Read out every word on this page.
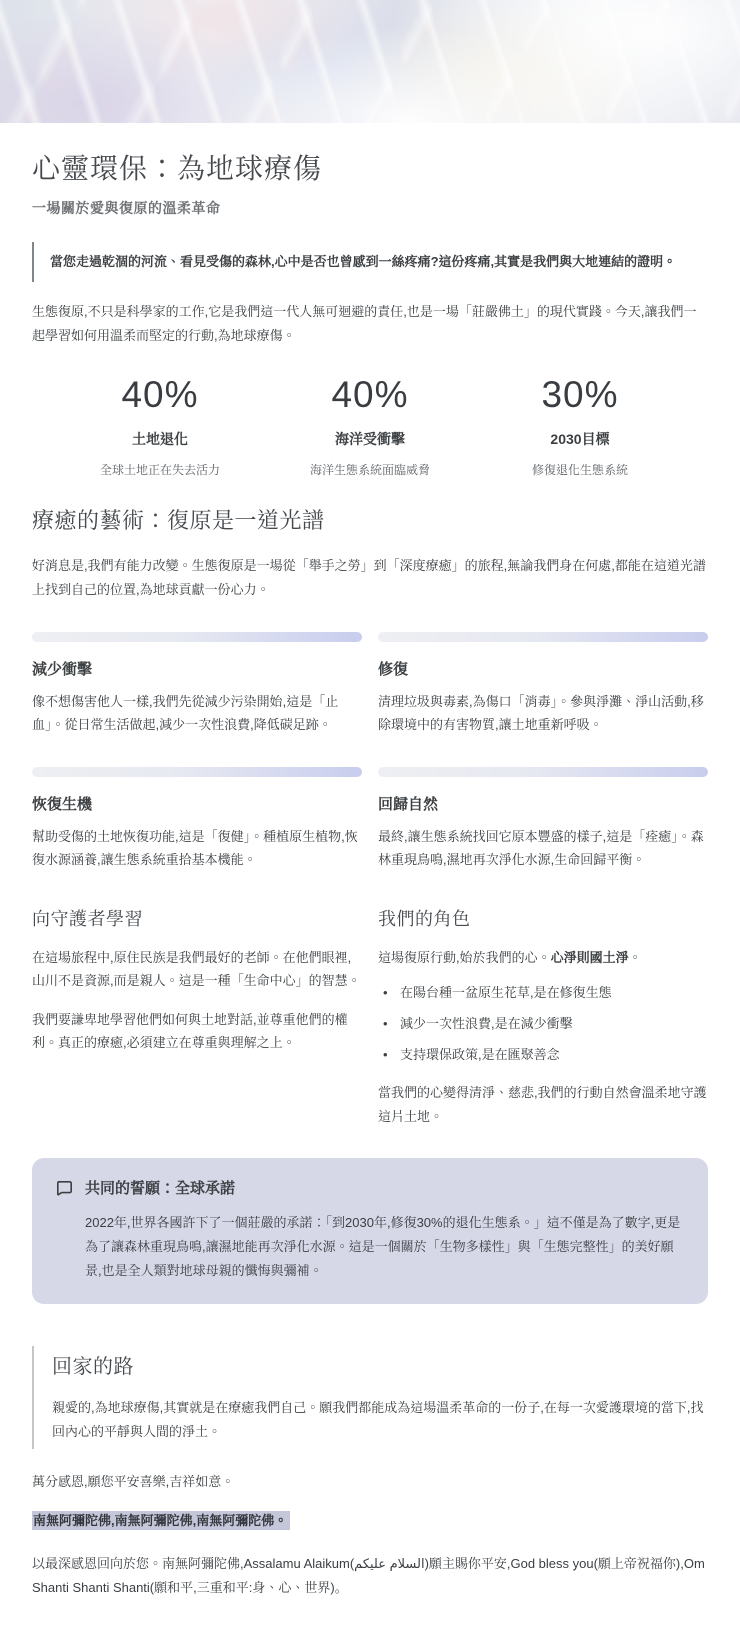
心靈環保：為地球療傷
一場關於愛與復原的溫柔革命
當您走過乾涸的河流、看見受傷的森林,心中是否也曾感到一絲疼痛?這份疼痛,其實是我們與大地連結的證明。

生態復原,不只是科學家的工作,它是我們這一代人無可迴避的責任,也是一場「莊嚴佛土」的現代實踐。今天,讓我們一起學習如何用溫柔而堅定的行動,為地球療傷。

40%
土地退化
全球土地正在失去活力
40%
海洋受衝擊
海洋生態系統面臨威脅
30%
2030目標
修復退化生態系統
療癒的藝術：復原是一道光譜

好消息是,我們有能力改變。生態復原是一場從「舉手之勞」到「深度療癒」的旅程,無論我們身在何處,都能在這道光譜上找到自己的位置,為地球貢獻一份心力。

減少衝擊
像不想傷害他人一樣,我們先從減少污染開始,這是「止血」。從日常生活做起,減少一次性浪費,降低碳足跡。
修復
清理垃圾與毒素,為傷口「消毒」。參與淨灘、淨山活動,移除環境中的有害物質,讓土地重新呼吸。
恢復生機
幫助受傷的土地恢復功能,這是「復健」。種植原生植物,恢復水源涵養,讓生態系統重拾基本機能。
回歸自然
最終,讓生態系統找回它原本豐盛的樣子,這是「痊癒」。森林重現鳥鳴,濕地再次淨化水源,生命回歸平衡。
向守護者學習

在這場旅程中,原住民族是我們最好的老師。在他們眼裡,山川不是資源,而是親人。這是一種「生命中心」的智慧。

我們要謙卑地學習他們如何與土地對話,並尊重他們的權利。真正的療癒,必須建立在尊重與理解之上。

我們的角色

這場復原行動,始於我們的心。心淨則國土淨。

• 在陽台種一盆原生花草,是在修復生態
• 減少一次性浪費,是在減少衝擊
• 支持環保政策,是在匯聚善念

當我們的心變得清淨、慈悲,我們的行動自然會溫柔地守護這片土地。

共同的誓願：全球承諾

2022年,世界各國許下了一個莊嚴的承諾：「到2030年,修復30%的退化生態系。」這不僅是為了數字,更是為了讓森林重現鳥鳴,讓濕地能再次淨化水源。這是一個關於「生物多樣性」與「生態完整性」的美好願景,也是全人類對地球母親的懺悔與彌補。

回家的路

親愛的,為地球療傷,其實就是在療癒我們自己。願我們都能成為這場溫柔革命的一份子,在每一次愛護環境的當下,找回內心的平靜與人間的淨土。

萬分感恩,願您平安喜樂,吉祥如意。

南無阿彌陀佛,南無阿彌陀佛,南無阿彌陀佛。

以最深感恩回向於您。南無阿彌陀佛,Assalamu Alaikum(السلام عليكم)願主賜你平安,God bless you(願上帝祝福你),Om Shanti Shanti Shanti(願和平,三重和平:身、心、世界)。
